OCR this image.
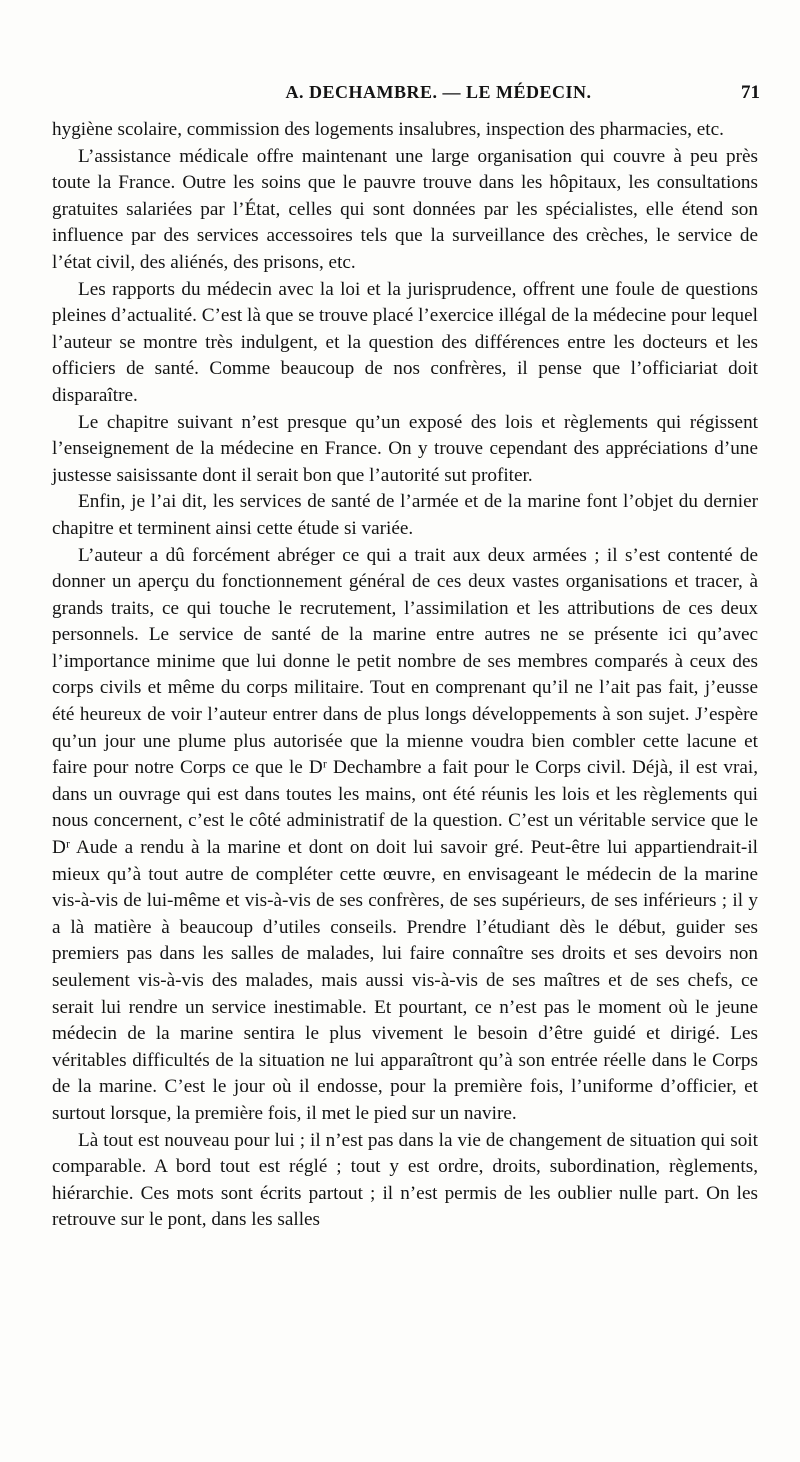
A. DECHAMBRE. — LE MÉDECIN.	71

hygiène scolaire, commission des logements insalubres, inspection des pharmacies, etc.

L’assistance médicale offre maintenant une large organisation qui couvre à peu près toute la France. Outre les soins que le pauvre trouve dans les hôpitaux, les consultations gratuites salariées par l’État, celles qui sont données par les spécialistes, elle étend son influence par des services accessoires tels que la surveillance des crèches, le service de l’état civil, des aliénés, des prisons, etc.

Les rapports du médecin avec la loi et la jurisprudence, offrent une foule de questions pleines d’actualité. C’est là que se trouve placé l’exercice illégal de la médecine pour lequel l’auteur se montre très indulgent, et la question des différences entre les docteurs et les officiers de santé. Comme beaucoup de nos confrères, il pense que l’officiariat doit disparaître.

Le chapitre suivant n’est presque qu’un exposé des lois et règlements qui régissent l’enseignement de la médecine en France. On y trouve cependant des appréciations d’une justesse saisissante dont il serait bon que l’autorité sut profiter.

Enfin, je l’ai dit, les services de santé de l’armée et de la marine font l’objet du dernier chapitre et terminent ainsi cette étude si variée.

L’auteur a dû forcément abréger ce qui a trait aux deux armées ; il s’est contenté de donner un aperçu du fonctionnement général de ces deux vastes organisations et tracer, à grands traits, ce qui touche le recrutement, l’assimilation et les attributions de ces deux personnels. Le service de santé de la marine entre autres ne se présente ici qu’avec l’importance minime que lui donne le petit nombre de ses membres comparés à ceux des corps civils et même du corps militaire. Tout en comprenant qu’il ne l’ait pas fait, j’eusse été heureux de voir l’auteur entrer dans de plus longs développements à son sujet. J’espère qu’un jour une plume plus autorisée que la mienne voudra bien combler cette lacune et faire pour notre Corps ce que le Dʳ Dechambre a fait pour le Corps civil. Déjà, il est vrai, dans un ouvrage qui est dans toutes les mains, ont été réunis les lois et les règlements qui nous concernent, c’est le côté administratif de la question. C’est un véritable service que le Dʳ Aude a rendu à la marine et dont on doit lui savoir gré. Peut-être lui appartiendrait-il mieux qu’à tout autre de compléter cette œuvre, en envisageant le médecin de la marine vis-à-vis de lui-même et vis-à-vis de ses confrères, de ses supérieurs, de ses inférieurs ; il y a là matière à beaucoup d’utiles conseils. Prendre l’étudiant dès le début, guider ses premiers pas dans les salles de malades, lui faire connaître ses droits et ses devoirs non seulement vis-à-vis des malades, mais aussi vis-à-vis de ses maîtres et de ses chefs, ce serait lui rendre un service inestimable. Et pourtant, ce n’est pas le moment où le jeune médecin de la marine sentira le plus vivement le besoin d’être guidé et dirigé. Les véritables difficultés de la situation ne lui apparaîtront qu’à son entrée réelle dans le Corps de la marine. C’est le jour où il endosse, pour la première fois, l’uniforme d’officier, et surtout lorsque, la première fois, il met le pied sur un navire.

Là tout est nouveau pour lui ; il n’est pas dans la vie de changement de situation qui soit comparable. A bord tout est réglé ; tout y est ordre, droits, subordination, règlements, hiérarchie. Ces mots sont écrits partout ; il n’est permis de les oublier nulle part. On les retrouve sur le pont, dans les salles
